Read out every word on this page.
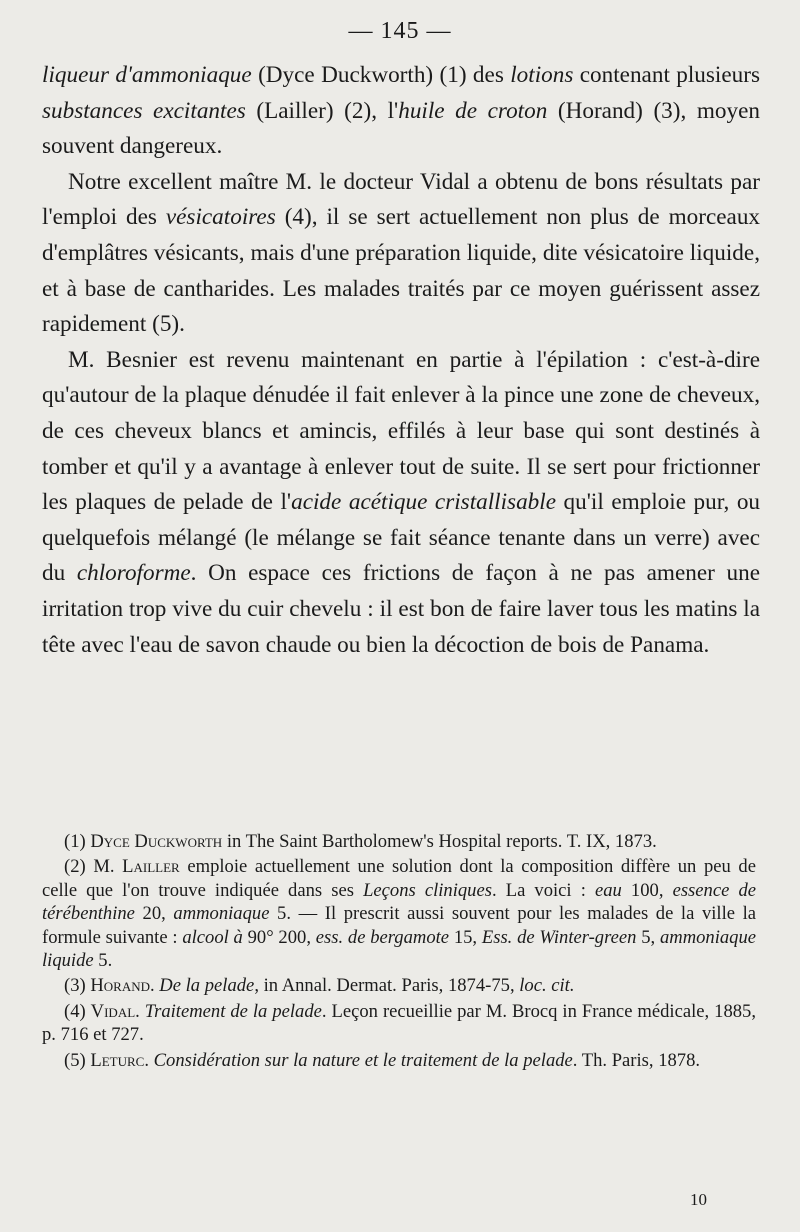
— 145 —

liqueur d'ammoniaque (Dyce Duckworth) (1) des lotions contenant plusieurs substances excitantes (Lailler) (2), l'huile de croton (Horand) (3), moyen souvent dangereux.

Notre excellent maître M. le docteur Vidal a obtenu de bons résultats par l'emploi des vésicatoires (4), il se sert actuellement non plus de morceaux d'emplâtres vésicants, mais d'une préparation liquide, dite vésicatoire liquide, et à base de cantharides. Les malades traités par ce moyen guérissent assez rapidement (5).

M. Besnier est revenu maintenant en partie à l'épilation : c'est-à-dire qu'autour de la plaque dénudée il fait enlever à la pince une zone de cheveux, de ces cheveux blancs et amincis, effilés à leur base qui sont destinés à tomber et qu'il y a avantage à enlever tout de suite. Il se sert pour frictionner les plaques de pelade de l'acide acétique cristallisable qu'il emploie pur, ou quelquefois mélangé (le mélange se fait séance tenante dans un verre) avec du chloroforme. On espace ces frictions de façon à ne pas amener une irritation trop vive du cuir chevelu : il est bon de faire laver tous les matins la tête avec l'eau de savon chaude ou bien la décoction de bois de Panama.

(1) Dyce Duckworth in The Saint Bartholomew's Hospital reports. T. IX, 1873.

(2) M. Lailler emploie actuellement une solution dont la composition diffère un peu de celle que l'on trouve indiquée dans ses Leçons cliniques. La voici : eau 100, essence de térébenthine 20, ammoniaque 5. — Il prescrit aussi souvent pour les malades de la ville la formule suivante : alcool à 90° 200, ess. de bergamote 15, Ess. de Winter-green 5, ammoniaque liquide 5.

(3) Horand. De la pelade, in Annal. Dermat. Paris, 1874-75, loc. cit.

(4) Vidal. Traitement de la pelade. Leçon recueillie par M. Brocq in France médicale, 1885, p. 716 et 727.

(5) Leturc. Considération sur la nature et le traitement de la pelade. Th. Paris, 1878.

10
